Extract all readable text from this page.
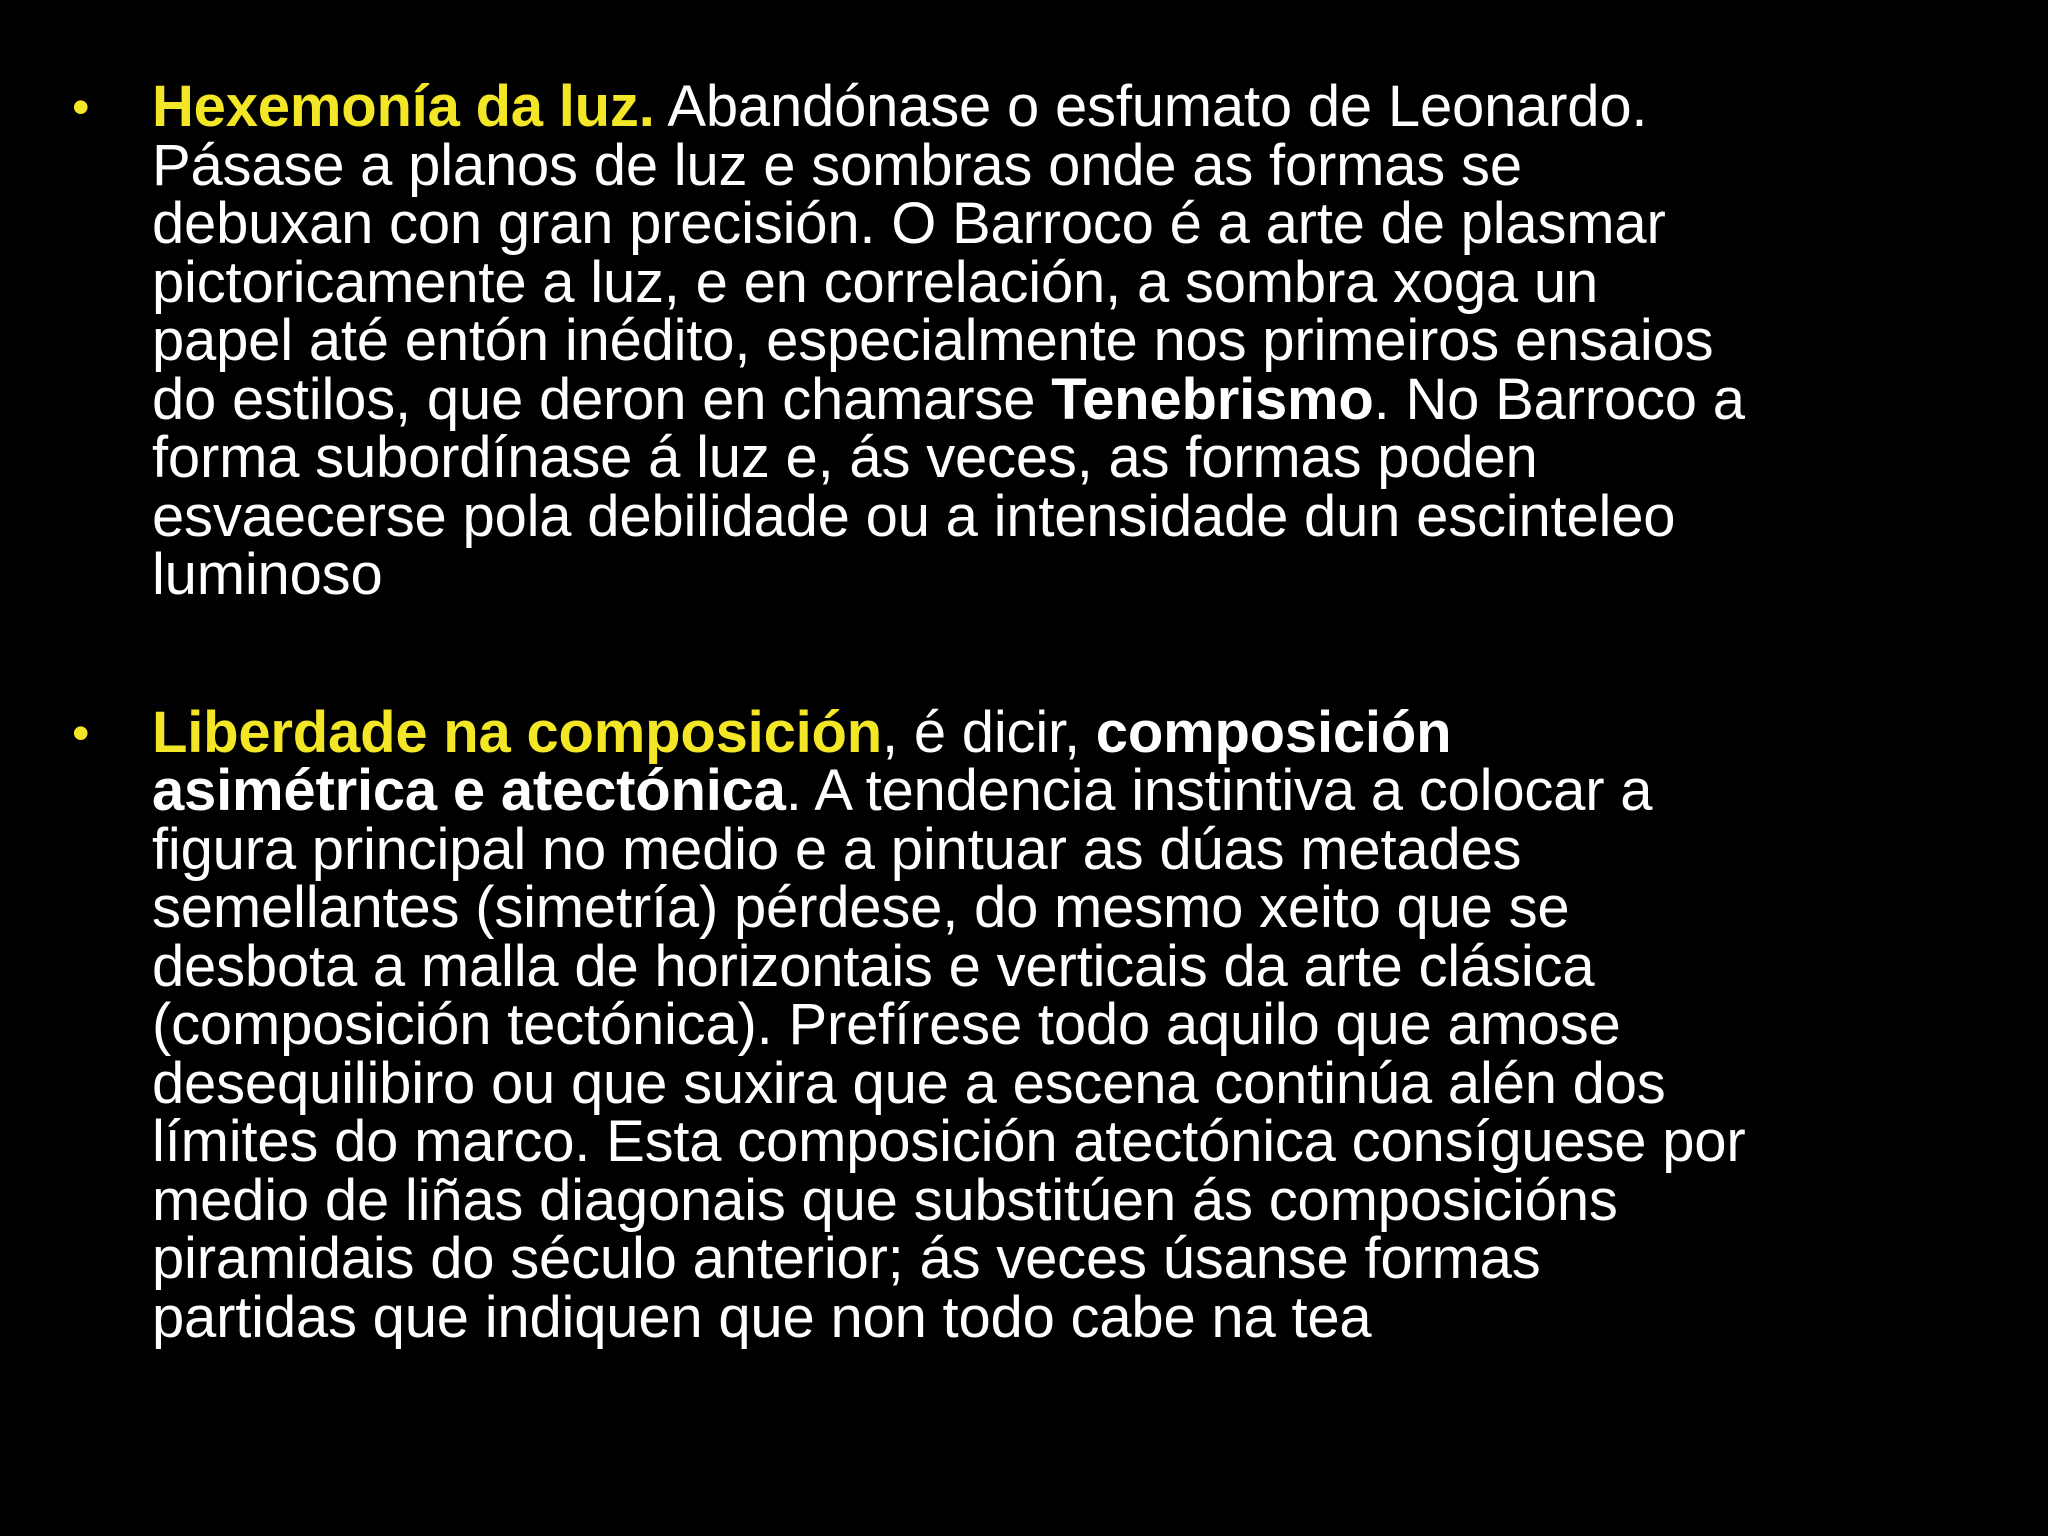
• Hexemonía da luz. Abandónase o esfumato de Leonardo.
Pásase a planos de luz e sombras onde as formas se
debuxan con gran precisión. O Barroco é a arte de plasmar
pictoricamente a luz, e en correlación, a sombra xoga un
papel até entón inédito, especialmente nos primeiros ensaios
do estilos, que deron en chamarse Tenebrismo. No Barroco a
forma subordínase á luz e, ás veces, as formas poden
esvaecerse pola debilidade ou a intensidade dun escinteleo
luminoso
• Liberdade na composición, é dicir, composición
asimétrica e atectónica. A tendencia instintiva a colocar a
figura principal no medio e a pintuar as dúas metades
semellantes (simetría) pérdese, do mesmo xeito que se
desbota a malla de horizontais e verticais da arte clásica
(composición tectónica). Prefírese todo aquilo que amose
desequilibiro ou que suxira que a escena continúa alén dos
límites do marco. Esta composición atectónica consíguese por
medio de liñas diagonais que substitúen ás composicións
piramidais do século anterior; ás veces úsanse formas
partidas que indiquen que non todo cabe na tea
